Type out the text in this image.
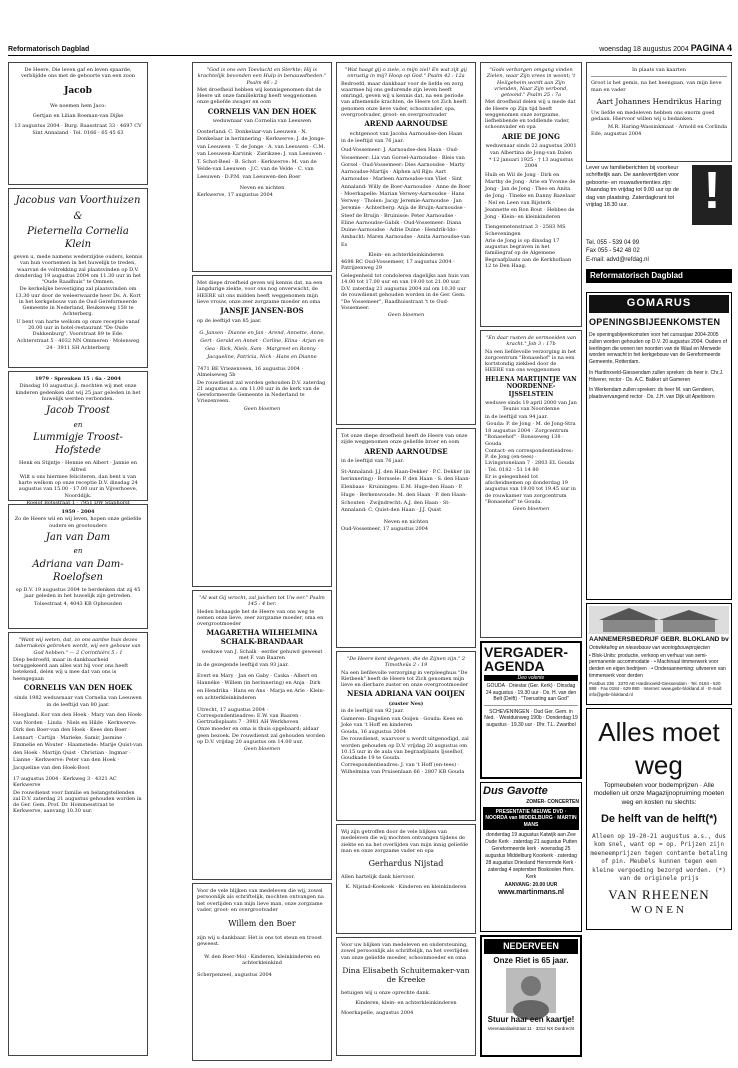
Reformatorisch Dagblad	woensdag 18 augustus 2004 PAGINA 4

De Heere, Die leven gaf en leven spaarde, verblijdde ons met de geboorte van een zoon

Jacob

We noemen hem Jaco:

Gertjan en Lilian Boeman-van Dijke

13 augustus 2004 · Burg. Baasstraat 33 · 4697 CV Sint Annaland · Tel. 0166 - 65 45 63

Jacobus van Voorthuizen
&
Pieternella Cornelia Klein

geven u, mede namens wederzijdse ouders, kennis van hun voornemen in het huwelijk te treden, waarvan de voltrekking zal plaatsvinden op D.V. donderdag 19 augustus 2004 om 11.30 uur in het "Oude Raadhuis" te Ommen.

De kerkelijke bevestiging zal plaatsvinden om 13.30 uur door de weleerwaarde heer Ds. A. Kort in het kerkgebouw van de Oud Gereformeerde Gemeente in Nederland, Beukenweg 158 te Achterberg.

U bent van harte welkom op onze receptie vanaf 20.00 uur in hotel-restaurant "De Oude Dukkenburg", Voorstraat 89 te Ede.

Achterstraat 5 · 4032 NN Ommeren · Molenweg 24 · 3911 SH Achterberg

1979 · Spreuken 15 : 6a · 2004

Dinsdag 10 augustus jl. mochten wij met onze kinderen gedenken dat wij 25 jaar geleden in het huwelijk werden verbonden.

Jacob Troost
en
Lummigje Troost-Hofstede

Henk en Stijntje · Hennie en Albert · Jannie en Alfred

Wilt u ons hiermee feliciteren, dan bent u van harte welkom op onze receptie D.V. dinsdag 24 augustus van 15.00 - 17.00 uur in Vijverhoeve, Noorddijk.

Roelof Bötsstraat 1 · 7951 DW Staphorst

1959 · 2004

Zo de Heere wil en wij leven, hopen onze geliefde ouders en grootouders

Jan van Dam
en
Adriana van Dam-Roelofsen

op D.V. 19 augustus 2004 te herdenken dat zij 45 jaar geleden in het huwelijk zijn getreden.

Tolsestraat 4, 4043 KB Opheusden

"Want wij weten, dat, zo ons aardse huis dezes tabernakels gebroken wordt, wij een gebouw van God hebben." — 2 Corinthiërs 5 : 1

Diep bedroefd, maar in dankbaarheid teruggekeerd aan alles wat hij voor ons heeft betekend, delen wij u mee dat van ons is heengegaan

CORNELIS VAN DEN HOEK

sinds 1982 weduwnaar van Cornelia van Leeuwen

in de leeftijd van 80 jaar.

Hoogland: Kor van den Hoek · Mary van den Hoek-van Norden · Linda · Niels en Hilde · Kerkwerve: Dirk den Boer-van den Hoek · Kees den Boer · Lennart · Cartijn · Marieke, Samir, Jasmine · Emmelie en Wouter · Haamstede: Marije Quist-van den Hoek · Martijn Quist · Christian · Ingmar · Lianne · Kerkwerve: Peter van den Hoek · Jacqueline van den Hoek-Boot

17 augustus 2004 · Kerkweg 3 · 4321 AC Kerkwerve

De rouwdienst voor familie en belangstellenden zal D.V. zaterdag 21 augustus gehouden worden in de Ger. Gem. Prof. Dr. Hommesstraat te Kerkwerve, aanvang 10.30 uur.

"God is ons een Toevlucht en Sterkte; Hij is krachtelijk bevonden een Hulp in benauwdheden." Psalm 46 : 2

Met droefheid hebben wij kennisgenomen dat de Heere uit onze familiekring heeft weggenomen onze geliefde zwager en oom

CORNELIS VAN DEN HOEK

weduwnaar van Cornelia van Leeuwen

Oosterland: C. Donkelaar-van Leeuwen · N. Donkelaar in herinnering · Kerkwerve: J. de Jonge-van Leeuwen · T. de Jonge · A. van Leeuwen · C.M. van Leeuwen-Karvink · Zierikzee: J. van Leeuwen · T. Schot-Beel · B. Schot · Kerkwerve: M. van de Velde-van Leeuwen · J.C. van de Velde · C. van Leeuwen · D.P.M. van Leeuwen-den Boer

Neven en nichten

Kerkwerve, 17 augustus 2004

Met diepe droefheid geven wij kennis dat, na een langdurige ziekte, voor ons nog onverwacht, de HEERE uit ons midden heeft weggenomen mijn lieve vrouw, onze zeer zorgzame moeder en oma

JANSJE JANSEN-BOS

op de leeftijd van 85 jaar.

G. Jansen · Dianne en Jan · Arend, Annette, Anne, Gert · Gerald en Annet · Corline, Elina · Arjan en Gea · Rick, Niels, Sam · Margreet en Ronny · Jacqueline, Patricia, Nick · Hans en Dianne

7471 BE Vriezenveen, 16 augustus 2004 · Almelseweg 5b

De rouwdienst zal worden gehouden D.V. zaterdag 21 augustus a.s. om 11.00 uur in de kerk van de Gereformeerde Gemeente in Nederland te Vriezenveen.

Geen bloemen

"Al wat Gij wrocht, zal juichen tot Uw eer." Psalm 145 : 4 ber.

Heden behaagde het de Heere van ons weg te nemen onze lieve, zeer zorgzame moeder, oma en overgrootmoeder

MAGARETHA WILHELMINA SCHALK-BRANDAAR

weduwe van J. Schalk · eerder gehuwd geweest met F. van Baaren

in de gezegende leeftijd van 93 jaar.

Evert en Mary · Jan en Gaby · Caska · Albert en Hannéke · Willem (in herinnering) en Anja · Dirk en Hendrika · Hans en Ans · Marja en Arie · Klein- en achterkleinkinderen

Utrecht, 17 augustus 2004 · Correspondentieadres: E.W. van Baaren · Gertrudisplaats 7 · 3981 AH Werkhoven

Onze moeder en oma is thuis opgebaard; aldaar geen bezoek. De rouwdienst zal gehouden worden op D.V. vrijdag 20 augustus om 14.00 uur.

Geen bloemen

Voor de vele blijken van medeleven die wij, zowel persoonlijk als schriftelijk, mochten ontvangen na het overlijden van mijn lieve man, onze zorgzame vader, groot- en overgrootvader

Willem den Boer

zijn wij u dankbaar. Het is ons tot steun en troost geweest.

W. den Boer-Mol · Kinderen, kleinkinderen en achterkleinkind

Scherpenzeel, augustus 2004

"Wat haagt gij o ziele, o mijn ziel! En wat zijt gij onrustig in mij? Hoop op God." Psalm 42 : 12a

Bedroefd, maar dankbaar voor de liefde en zorg waarmee hij ons gedurende zijn leven heeft omringd, geven wij u kennis dat, na een periode van afnemende krachten, de Heere tot Zich heeft genomen onze lieve vader, schoonvader, opa, overgrootvader, groot- en overgrootvader

AREND AARNOUDSE

echtgenoot van Jacoba Aarnoudse-den Haan

in de leeftijd van 76 jaar.

Oud-Vossemeer: J. Aarnoudse-den Haan · Oud-Vossemeer: Lia van Gorsel-Aarnoudse · Bleis van Gorsel · Oud-Vossemeer: Dies Aarnoudse · Marty Aarnoudse-Martijs · Alphen a/d Rijn: Aart Aarnoudse · Marleen Aarnoudse-van Vliet · Sint Annaland: Willy de Boer-Aarnoudse · Anne de Boer · Moerkapelle: Marian Verwey-Aarnoudse · Hans Verwey · Tholen: Jacqy Jeremie-Aarnoudse · Jan Jeremie · Achterberg: Anja de Bruijn-Aarnoudse · Steef de Bruijn · Bruinisse: Peter Aarnoudse · Eline Aarnoudse-Gabik · Oud-Vossemeer: Diana Duine-Aarnoudse · Adrie Duine · Hendrik-Ido-Ambacht: Maren Aarnoudse · Anita Aarnoudse-van Es

Klein- en achterkleinkinderen

4698 RC Oud-Vossemeer, 17 augustus 2004 · Patrijzenweg 29

Gelegenheid tot condoleren dagelijks aan huis van 14.00 tot 17.00 uur en van 19.00 tot 21.00 uur.

D.V. zaterdag 21 augustus 2004 zal om 10.30 uur de rouwdienst gehouden worden in de Ger. Gem. "De Vossemeer", Raadhuisstraat 't te Oud-Vossemeer.

Geen bloemen

Tot onze diepe droefheid heeft de Heere van onze zijde weggenomen onze geliefde broer en oom

AREND AARNOUDSE

in de leeftijd van 76 jaar.

St-Annaland: J.J. den Haan-Dekker · P.C. Dekker (in herinnering) · Borssele: P. den Haan · S. den Haan-Elenbaas · Kruiningen: E.M. Huge-den Haan · P. Huge · Berkenwoude: M. den Haan · P. den Haan-Schouten · Zwijndrecht: A.J. den Haan · St-Annaland: C. Quist-den Haan · J.J. Quist

Neven en nichten

Oud-Vossemeer, 17 augustus 2004

"De Heere kent degenen, die de Zijnen zijn." 2 Timotheüs 2 : 19

Na een liefdevolle verzorging in verpleeghuis "De Rietbeek" heeft de Heere tot Zich genomen mijn lieve en dierbare zuster en onze overgrootmoeder

NESIA ADRIANA VAN OOIJEN

(zuster Nes)

in de leeftijd van 92 jaar.

Gameren: Engelien van Ooijen · Gouda: Kees en Joke van 't Hoff en kinderen

Gouda, 16 augustus 2004

De rouwdienst, waarvoor u wordt uitgenodigd, zal worden gehouden op D.V. vrijdag 20 augustus om 10.15 uur in de aula van begraafplaats Ijsselhof, Goudkade 19 te Gouda.

Correspondentieadres: J. van 't Hoff (en-tees) · Wilhelmina van Pruisenlaan 66 · 2807 KB Gouda

Wij zijn getroffen door de vele blijken van medeleven die wij mochten ontvangen tijdens de ziekte en na het overlijden van mijn innig geliefde man en onze zorgzame vader en opa

Gerhardus Nijstad

Allen hartelijk dank hiervoor.

K. Nijstad-Koekoek · Kinderen en kleinkinderen

Voor uw blijken van medeleven en ondersteuning, zowel persoonlijk als schriftelijk, na het overlijden van onze geliefde moeder, schoonmoeder en oma

Dina Elisabeth Schuitemaker-van de Kreeke

betuigen wij u onze oprechte dank.

Kinderen, klein- en achterkleinkinderen

Moerkapelle, augustus 2004

"Gods verborgen omgang vinden Zielen, waar Zijn vrees in woont; 't Heilgeheim wordt aan Zijn vrienden, Naar Zijn verbond, getoond." Psalm 25 : 7a

Met droefheid delen wij u mede dat de Heere op Zijn tijd heeft weggenomen onze zorgzame, liefhebbende en toddlende vader, schoonvader en opa

ARIE DE JONG

weduwnaar sinds 22 augustus 2001 van Albertina de Jong-van Dalen

* 12 januari 1925 · † 13 augustus 2004

Huib en Wil de Jong · Dirk en Marthy de Jong · Arie en Yvonne de Jong · Jan de Jong · Theo en Anita de Jong · Tineke en Danny Bazelaar · Nel en Leen van Bijsterk · Jeannette en Ron Bout · Hebbeo de Jong · Klein- en kleinkinderen

Tiengemetenstraat 3 · 2583 MS Scheveningen

Arie de Jong is op dinsdag 17 augustus begraven in het familiegraf op de Algemene Begraafplaats aan de Kerkhoflaan 12 te Den Haag.

"En daar rusten de vermoeiden van kracht." Job 3 : 17b

Na een liefdevolle verzorging in het zorgcentrum "Bonasehof" is na een kortstondig ziekbed door de HEERE van ons weggenomen

HELENA MARTIJNTJE VAN NOORDENNE-IJSSELSTEIN

weduwe sinds 19 april 2000 van Jan Teunis van Noordenne

in de leeftijd van 94 jaar.

Gouda: P. de Jong · M. de Jong-Stra

18 augustus 2004 · Zorgcentrum "Bonasehof" · Ronsseweg 138 · Gouda

Contact- en correspondentieadres: P. de Jong (en-tees) · Livingstonelaan 7 · 2803 EL Gouda · Tel. 0182 - 51 14 80

Er is gelegenheid tot afscheidnemen op donderdag 19 augustus van 19.00 tot 19.45 uur in de rouwkamer van zorgcentrum "Bonasehof" te Gouda.

Geen bloemen

VERGADER- AGENDA
Deo volente

GOUDA · Driestar (Ger. Kerk) · Dinsdag 24 augustus · 19.30 uur · Ds. H. van den Belt (Delft) · "Toerusting aan God"

SCHEVENINGEN · Oud Ger. Gem. in Ned. · Westduinweg 190b · Donderdag 19 augustus · 19.30 uur · Dhr. T.L. Zwartbol

Dus Gavotte
ZOMER- CONCERTEN
PRESENTATIE NIEUWE DVD · NOORDA van MIDDELBURG · MARTIN MANS

donderdag 19 augustus Katwijk aan Zee Oude Kerk · zaterdag 21 augustus Putten Gereformeerde kerk · woensdag 25 augustus Middelburg Koorkerk · zaterdag 28 augustus Driesland Hervormde Kerk · zaterdag 4 september Boskoolen Herv. Kerk

AANVANG: 20.00 UUR

www.martinmans.nl

NEDERVEEN
Onze Riet is 65 jaar.
Stuur haar een kaartje!

Verenaardaalstraat 11 · 3312 NX Dordrecht

In plaats van kaarten

Groot is het gemis, na het heengaan, van mijn lieve man en vader

Aart Johannes Hendrikus Haring

Uw liefde en medeleven hebben ons enorm goed gedaan. Hiervoor willen wij u bedanken.

M.R. Haring-Wassinkmaat · Arnold en Corlinda

Ede, augustus 2004

Lever uw familieberichten bij voorkeur schriftelijk aan. De aanlevertijden voor geboorte- en rouwadvertenties zijn: Maandag tm vrijdag tot 9.00 uur op de dag van plaatsing. Zaterdagkrant tot vrijdag 18.30 uur.	!
Tel. 055 - 539 04 99
Fax 055 - 542 48 02
E-mail: advd@refdag.nl
Reformatorisch Dagblad
GOMARUS
OPENINGSBIJEENKOMSTEN

De openingsbijeenkomsten voor het cursusjaar 2004-2005 zullen worden gehouden op D.V. 20 augustus 2004. Ouders of leerlingen die wonen ten noorden van de Waal en Merwede worden verwacht in het kerkgebouw van de Gereformeerde Gemeente, Rotterdam.

In Hardinxveld-Giessendam zullen spreken: ds heer ir. Chr.J. Hilverer, rector · Ds. A.C. Bakker uit Gameren

In Werkendam zullen spreken: ds heer M. van Gendeen, plaatsvervangend rector · Ds. J.H. van Dijk uit Apeldoorn

AANNEMERSBEDRIJF GEBR. BLOKLAND bv

Ontwikkeling en nieuwbouw van woningbouwprojecten

• Blok-Units: productie, verkoop en verhuur van semi-permanente accommodatie · • Machinaal timmerwerk voor derden en eigen bedrijven · • Onderaanneming: uitvoeren van timmerwerk voor derden

Postbus 236 · 3370 AE Hardinxveld-Giessendam · Tel. 0184 - 620 888 · Fax 0184 - 629 880 · Internet: www.gebr-blokland.nl · E-mail: info@gebr-blokland.nl

Alles moet weg

Topmeubelen voor bodemprijzen · Alle modellen uit onze Magazijnopruiming moeten weg en kosten nu slechts:

De helft van de helft(*)

Alleen op 19-20-21 augustus a.s., dus kom snel, want op = op. Prijzen zijn meeneemprijzen tegen contante betaling of pin. Meubels kunnen tegen een kleine vergoeding bezorgd worden. (*) van de originele prijs

VAN RHEENEN
WONEN
